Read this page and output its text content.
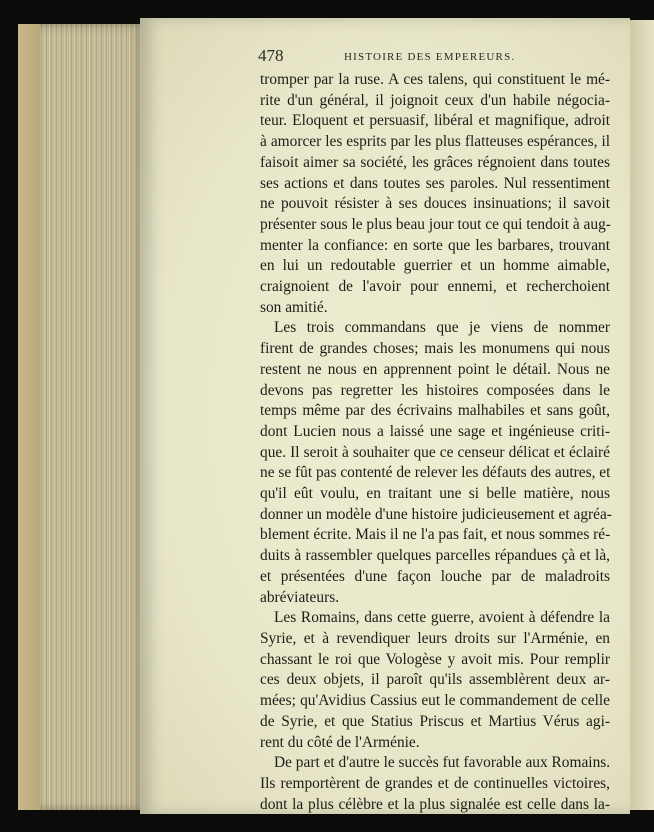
478	HISTOIRE DES EMPEREURS.
tromper par la ruse. A ces talens, qui constituent le mé-
rite d'un général, il joignoit ceux d'un habile négocia-
teur. Eloquent et persuasif, libéral et magnifique, adroit
à amorcer les esprits par les plus flatteuses espérances, il
faisoit aimer sa société, les grâces régnoient dans toutes
ses actions et dans toutes ses paroles. Nul ressentiment
ne pouvoit résister à ses douces insinuations; il savoit
présenter sous le plus beau jour tout ce qui tendoit à aug-
menter la confiance: en sorte que les barbares, trouvant
en lui un redoutable guerrier et un homme aimable,
craignoient de l'avoir pour ennemi, et recherchoient
son amitié.
Les trois commandans que je viens de nommer
firent de grandes choses; mais les monumens qui nous
restent ne nous en apprennent point le détail. Nous ne
devons pas regretter les histoires composées dans le
temps même par des écrivains malhabiles et sans goût,
dont Lucien nous a laissé une sage et ingénieuse criti-
que. Il seroit à souhaiter que ce censeur délicat et éclairé
ne se fût pas contenté de relever les défauts des autres, et
qu'il eût voulu, en traitant une si belle matière, nous
donner un modèle d'une histoire judicieusement et agréa-
blement écrite. Mais il ne l'a pas fait, et nous sommes ré-
duits à rassembler quelques parcelles répandues çà et là,
et présentées d'une façon louche par de maladroits
abréviateurs.
Les Romains, dans cette guerre, avoient à défendre la
Syrie, et à revendiquer leurs droits sur l'Arménie, en
chassant le roi que Vologèse y avoit mis. Pour remplir
ces deux objets, il paroît qu'ils assemblèrent deux ar-
mées; qu'Avidius Cassius eut le commandement de celle
de Syrie, et que Statius Priscus et Martius Vérus agi-
rent du côté de l'Arménie.
De part et d'autre le succès fut favorable aux Romains.
Ils remportèrent de grandes et de continuelles victoires,
dont la plus célèbre et la plus signalée est celle dans la-
